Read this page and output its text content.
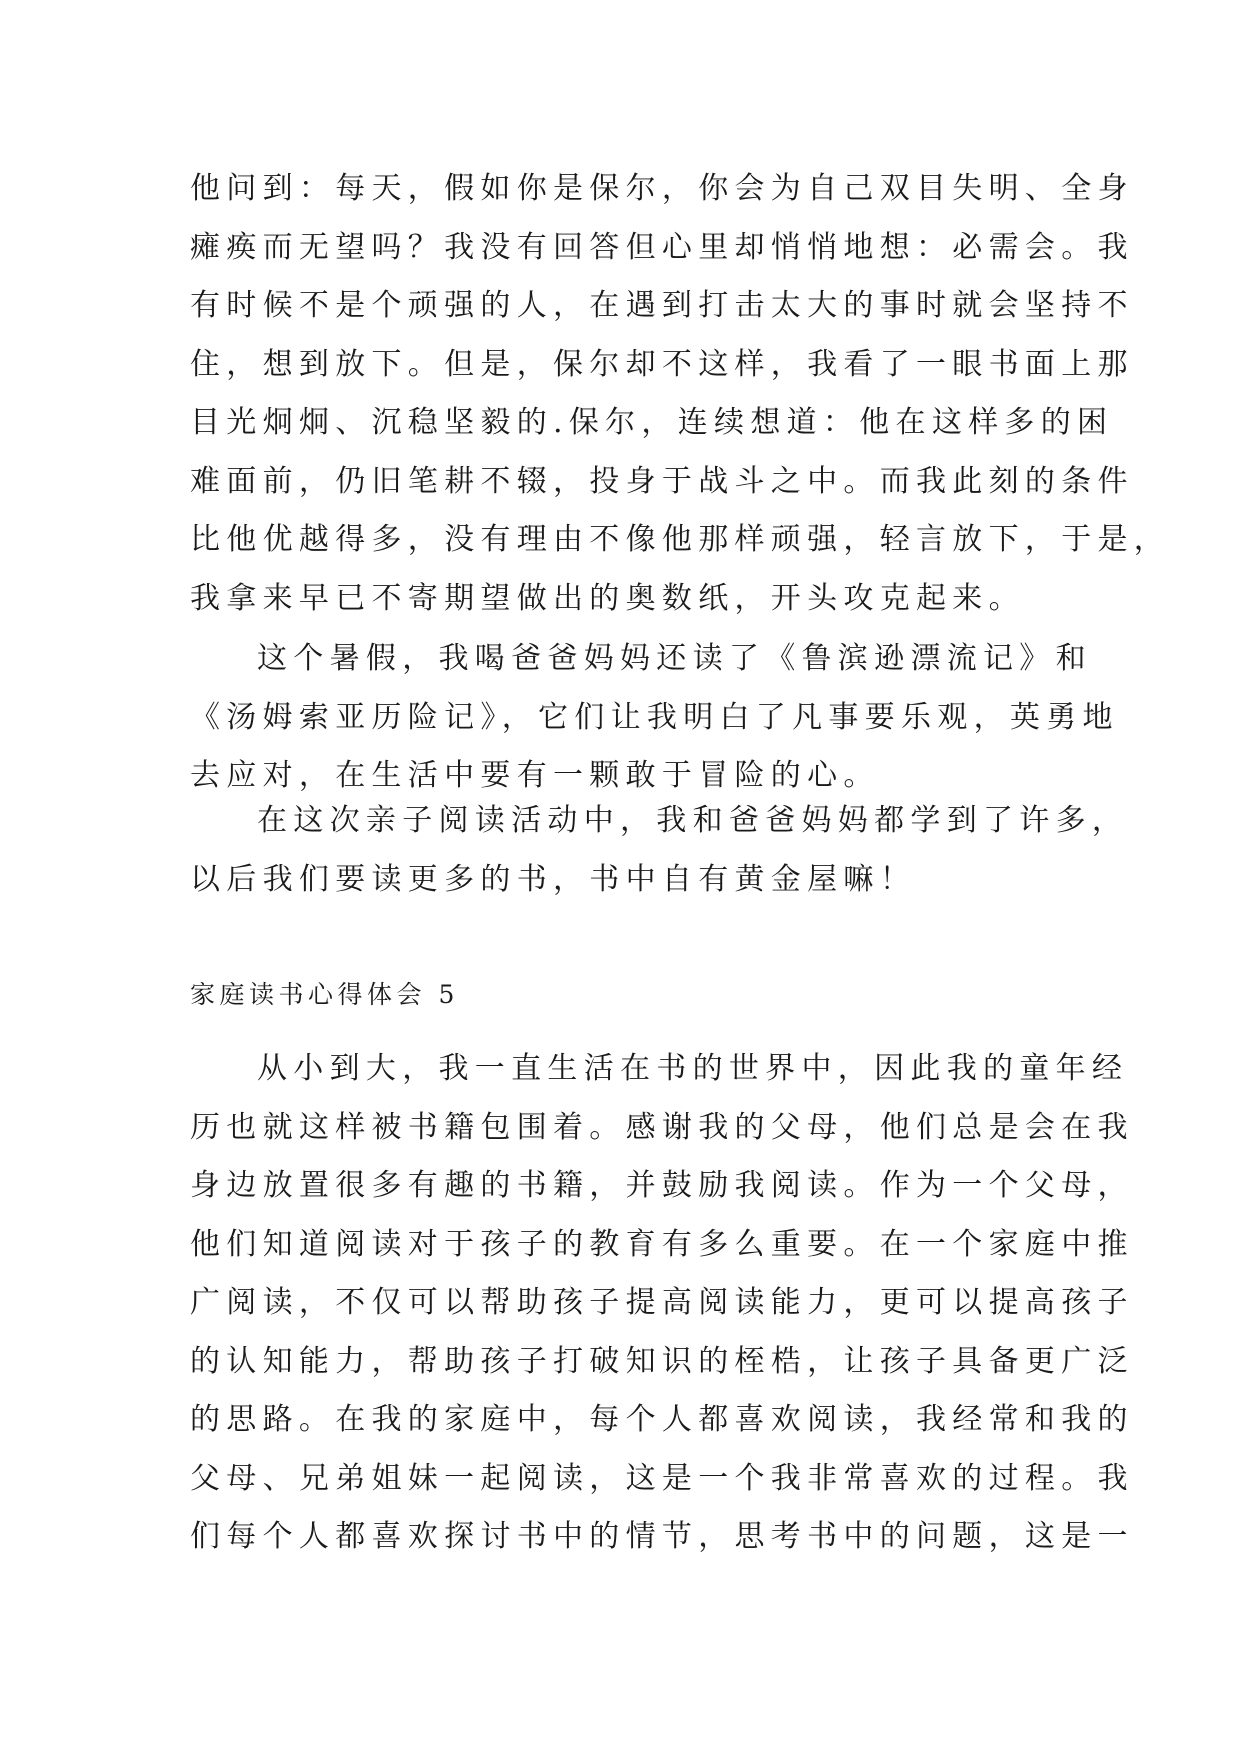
他问到：每天，假如你是保尔，你会为自己双目失明、全身
瘫痪而无望吗？我没有回答但心里却悄悄地想：必需会。我
有时候不是个顽强的人，在遇到打击太大的事时就会坚持不
住，想到放下。但是，保尔却不这样，我看了一眼书面上那
目光炯炯、沉稳坚毅的.保尔，连续想道：他在这样多的困
难面前，仍旧笔耕不辍，投身于战斗之中。而我此刻的条件
比他优越得多，没有理由不像他那样顽强，轻言放下，于是，
我拿来早已不寄期望做出的奥数纸，开头攻克起来。
这个暑假，我喝爸爸妈妈还读了《鲁滨逊漂流记》和
《汤姆索亚历险记》，它们让我明白了凡事要乐观，英勇地
去应对，在生活中要有一颗敢于冒险的心。
在这次亲子阅读活动中，我和爸爸妈妈都学到了许多，
以后我们要读更多的书，书中自有黄金屋嘛！
家庭读书心得体会 5
从小到大，我一直生活在书的世界中，因此我的童年经
历也就这样被书籍包围着。感谢我的父母，他们总是会在我
身边放置很多有趣的书籍，并鼓励我阅读。作为一个父母，
他们知道阅读对于孩子的教育有多么重要。在一个家庭中推
广阅读，不仅可以帮助孩子提高阅读能力，更可以提高孩子
的认知能力，帮助孩子打破知识的桎梏，让孩子具备更广泛
的思路。在我的家庭中，每个人都喜欢阅读，我经常和我的
父母、兄弟姐妹一起阅读，这是一个我非常喜欢的过程。我
们每个人都喜欢探讨书中的情节，思考书中的问题，这是一
